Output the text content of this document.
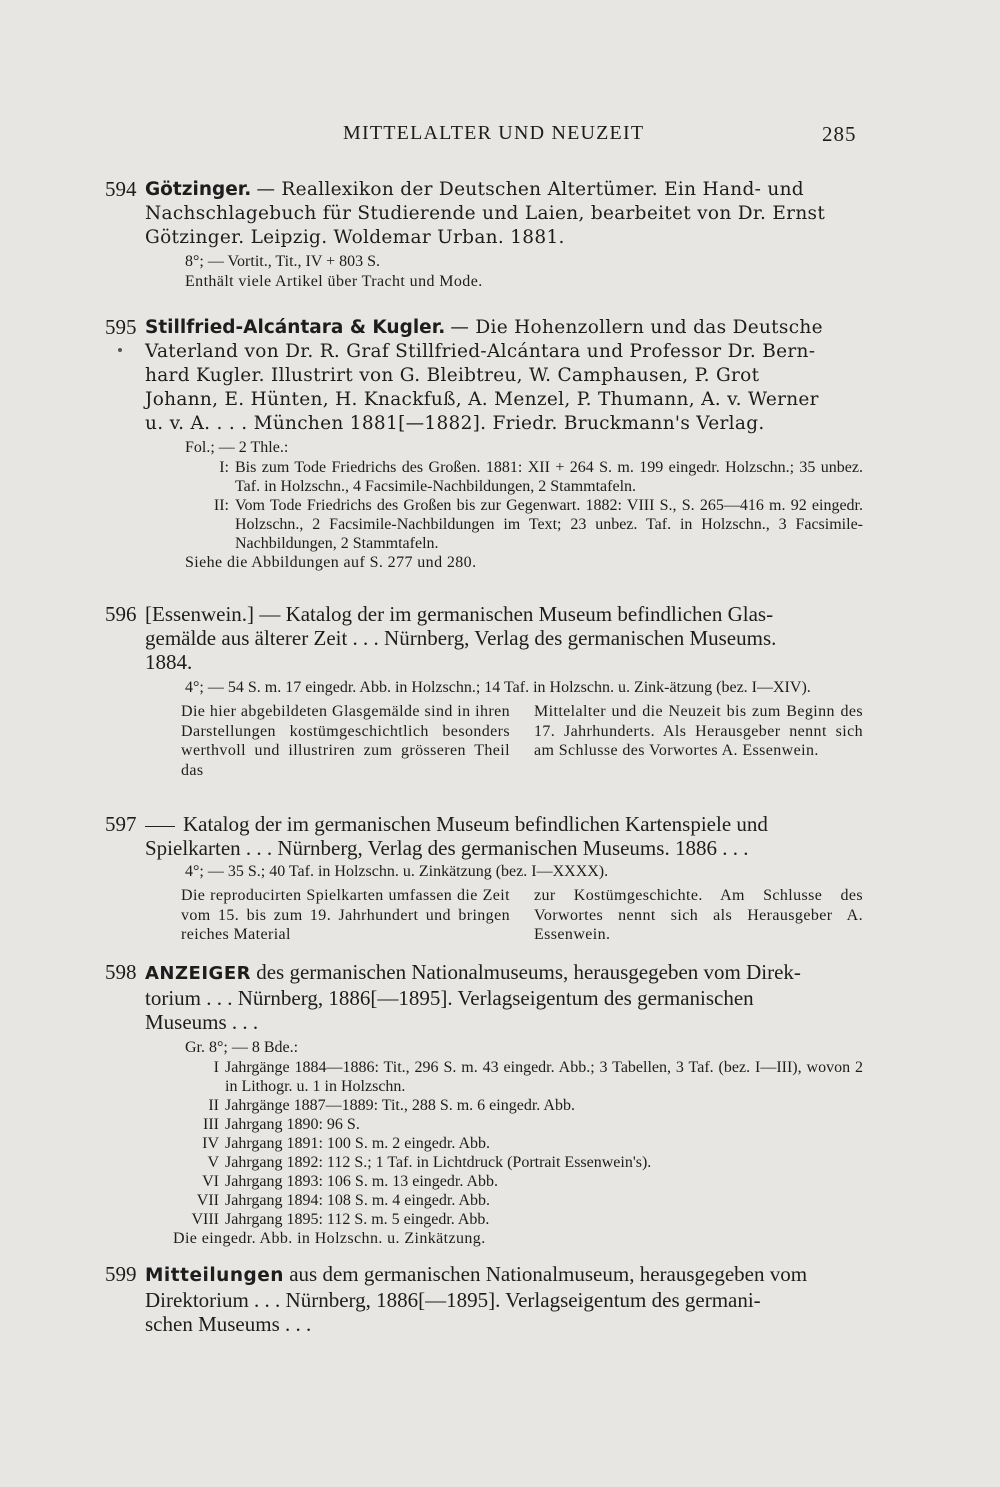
MITTELALTER UND NEUZEIT	285
594 Götzinger. — Reallexikon der Deutschen Altertümer. Ein Hand- und
Nachschlagebuch für Studierende und Laien, bearbeitet von Dr. Ernst
Götzinger. Leipzig. Woldemar Urban. 1881.
8°; — Vortit., Tit., IV + 803 S.
Enthält viele Artikel über Tracht und Mode.
595 Stillfried-Alcántara & Kugler. — Die Hohenzollern und das Deutsche
Vaterland von Dr. R. Graf Stillfried-Alcántara und Professor Dr. Bern-
hard Kugler. Illustrirt von G. Bleibtreu, W. Camphausen, P. Grot
Johann, E. Hünten, H. Knackfuß, A. Menzel, P. Thumann, A. v. Werner
u. v. A. . . . München 1881[—1882]. Friedr. Bruckmann's Verlag.
Fol.; — 2 Thle.:
I: Bis zum Tode Friedrichs des Großen. 1881: XII + 264 S. m. 199 eingedr. Holzschn.; 35 unbez. Taf. in Holzschn., 4 Facsimile-Nachbildungen, 2 Stammtafeln.
II: Vom Tode Friedrichs des Großen bis zur Gegenwart. 1882: VIII S., S. 265—416 m. 92 eingedr. Holzschn., 2 Facsimile-Nachbildungen im Text; 23 unbez. Taf. in Holzschn., 3 Facsimile-Nachbildungen, 2 Stammtafeln.
Siehe die Abbildungen auf S. 277 und 280.
596 [Essenwein.] — Katalog der im germanischen Museum befindlichen Glas-
gemälde aus älterer Zeit . . . Nürnberg, Verlag des germanischen Museums.
1884.
4°; — 54 S. m. 17 eingedr. Abb. in Holzschn.; 14 Taf. in Holzschn. u. Zink-ätzung (bez. I—XIV).
Die hier abgebildeten Glasgemälde sind in ihren Darstellungen kostümgeschichtlich besonders werthvoll und illustriren zum grösseren Theil das
Mittelalter und die Neuzeit bis zum Beginn des 17. Jahrhunderts. Als Herausgeber nennt sich am Schlusse des Vorwortes A. Essenwein.
597	Katalog der im germanischen Museum befindlichen Kartenspiele und
Spielkarten . . . Nürnberg, Verlag des germanischen Museums. 1886 . . .
4°; — 35 S.; 40 Taf. in Holzschn. u. Zinkätzung (bez. I—XXXX).
Die reproducirten Spielkarten umfassen die Zeit vom 15. bis zum 19. Jahrhundert und bringen reiches Material
zur Kostümgeschichte. Am Schlusse des Vorwortes nennt sich als Herausgeber A. Essenwein.
598 ANZEIGER des germanischen Nationalmuseums, herausgegeben vom Direk-
torium . . . Nürnberg, 1886[—1895]. Verlagseigentum des germanischen
Museums . . .
Gr. 8°; — 8 Bde.:
I Jahrgänge 1884—1886: Tit., 296 S. m. 43 eingedr. Abb.; 3 Tabellen, 3 Taf. (bez. I—III), wovon 2 in Lithogr. u. 1 in Holzschn.
II Jahrgänge 1887—1889: Tit., 288 S. m. 6 eingedr. Abb.
III Jahrgang 1890: 96 S.
IV Jahrgang 1891: 100 S. m. 2 eingedr. Abb.
V Jahrgang 1892: 112 S.; 1 Taf. in Lichtdruck (Portrait Essenwein's).
VI Jahrgang 1893: 106 S. m. 13 eingedr. Abb.
VII Jahrgang 1894: 108 S. m. 4 eingedr. Abb.
VIII Jahrgang 1895: 112 S. m. 5 eingedr. Abb.
Die eingedr. Abb. in Holzschn. u. Zinkätzung.
599 Mitteilungen aus dem germanischen Nationalmuseum, herausgegeben vom
Direktorium . . . Nürnberg, 1886[—1895]. Verlagseigentum des germani-
schen Museums . . .
